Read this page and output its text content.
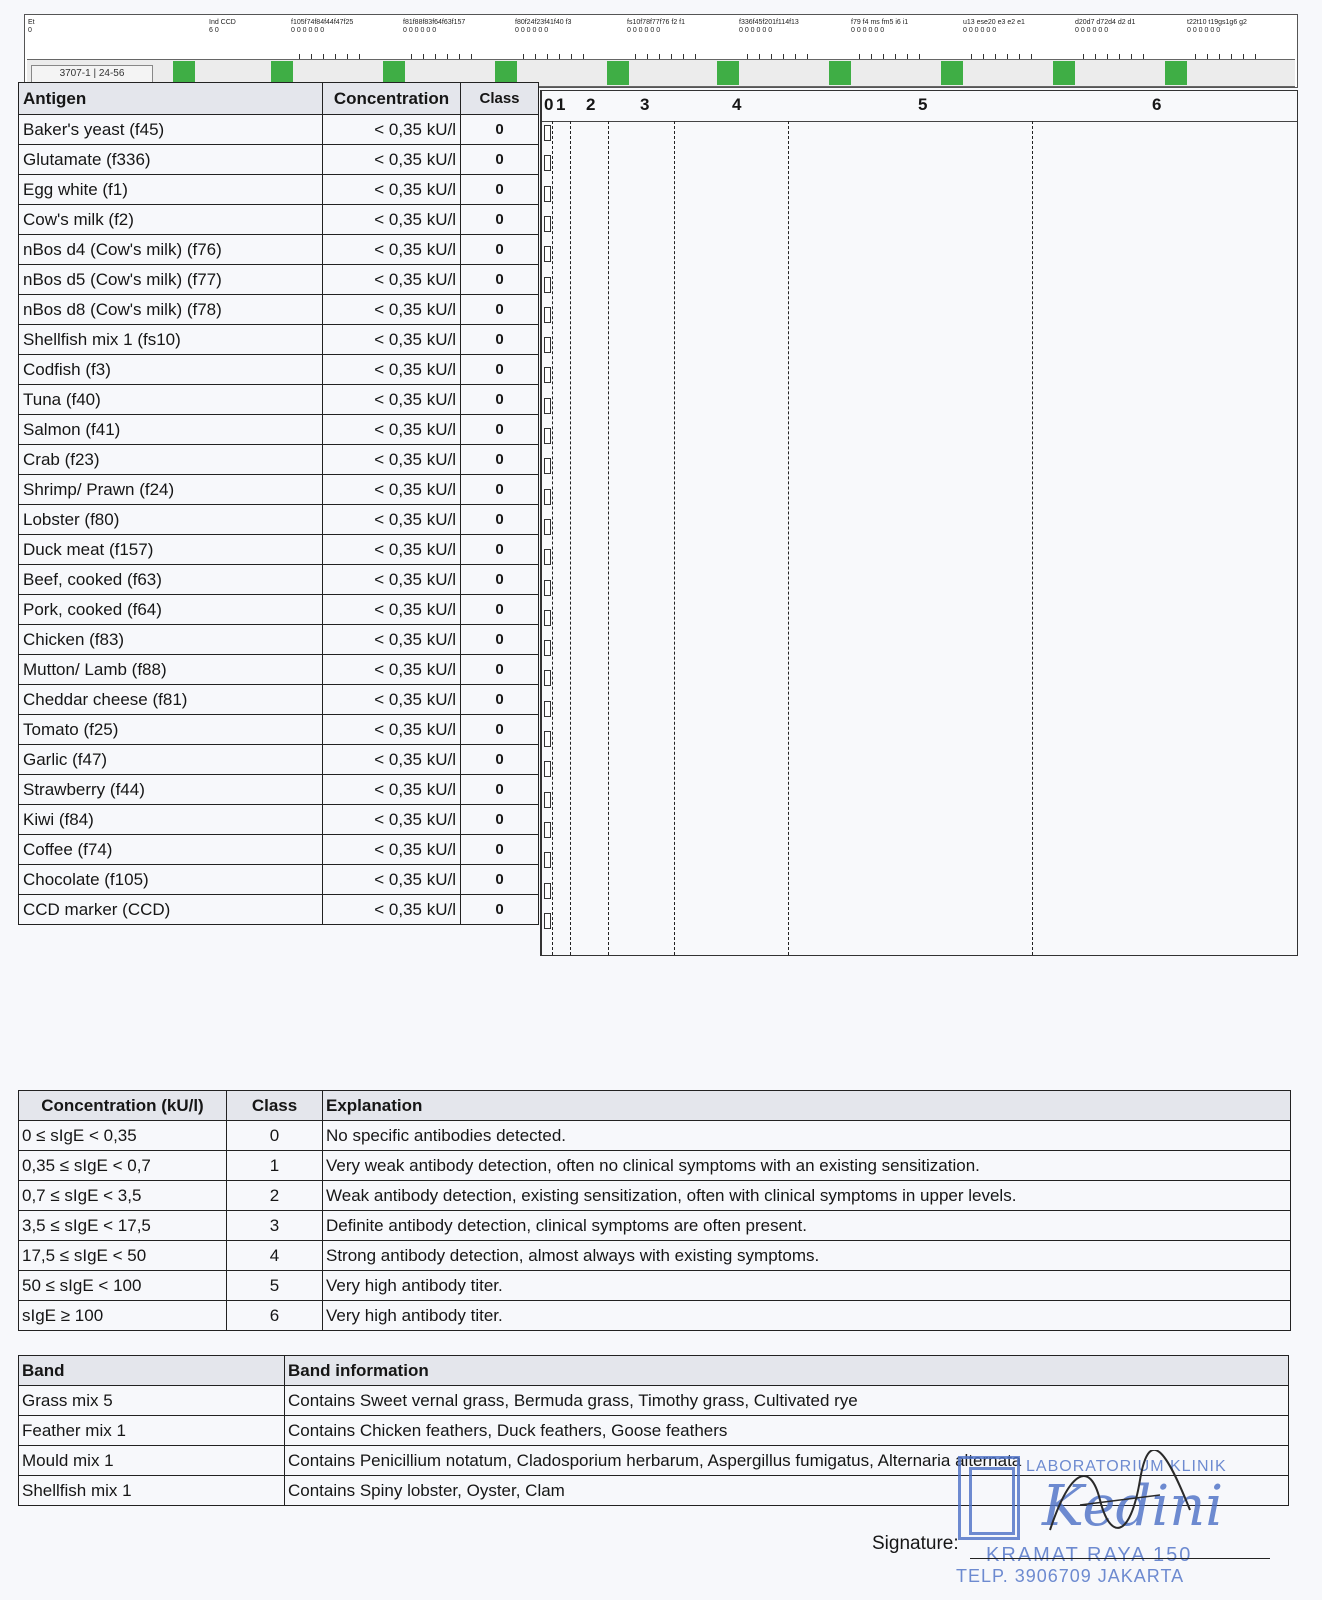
Et
0
Ind CCD
6 0
f105f74f84f44f47f25
0 0 0 0 0 0
f81f88f83f64f63f157
0 0 0 0 0 0
f80f24f23f41f40 f3
0 0 0 0 0 0
fs10f78f77f76 f2 f1
0 0 0 0 0 0
f336f45f201f114f13
0 0 0 0 0 0
f79 f4 ms fm5 i6 i1
0 0 0 0 0 0
u13 ese20 e3 e2 e1
0 0 0 0 0 0
d20d7 d72d4 d2 d1
0 0 0 0 0 0
t22t10 t19gs1g6 g2
0 0 0 0 0 0
3707-1 | 24-56
Antigen	Concentration	Class
Baker's yeast (f45)	< 0,35 kU/l	0
Glutamate (f336)	< 0,35 kU/l	0
Egg white (f1)	< 0,35 kU/l	0
Cow's milk (f2)	< 0,35 kU/l	0
nBos d4 (Cow's milk) (f76)	< 0,35 kU/l	0
nBos d5 (Cow's milk) (f77)	< 0,35 kU/l	0
nBos d8 (Cow's milk) (f78)	< 0,35 kU/l	0
Shellfish mix 1 (fs10)	< 0,35 kU/l	0
Codfish (f3)	< 0,35 kU/l	0
Tuna (f40)	< 0,35 kU/l	0
Salmon (f41)	< 0,35 kU/l	0
Crab (f23)	< 0,35 kU/l	0
Shrimp/ Prawn (f24)	< 0,35 kU/l	0
Lobster (f80)	< 0,35 kU/l	0
Duck meat (f157)	< 0,35 kU/l	0
Beef, cooked (f63)	< 0,35 kU/l	0
Pork, cooked (f64)	< 0,35 kU/l	0
Chicken (f83)	< 0,35 kU/l	0
Mutton/ Lamb (f88)	< 0,35 kU/l	0
Cheddar cheese (f81)	< 0,35 kU/l	0
Tomato (f25)	< 0,35 kU/l	0
Garlic (f47)	< 0,35 kU/l	0
Strawberry (f44)	< 0,35 kU/l	0
Kiwi (f84)	< 0,35 kU/l	0
Coffee (f74)	< 0,35 kU/l	0
Chocolate (f105)	< 0,35 kU/l	0
CCD marker (CCD)	< 0,35 kU/l	0
0 1 2	3	4	5	6
Concentration (kU/l)	Class	Explanation
0 ≤ sIgE < 0,35	0	No specific antibodies detected.
0,35 ≤ sIgE < 0,7	1	Very weak antibody detection, often no clinical symptoms with an existing sensitization.
0,7 ≤ sIgE < 3,5	2	Weak antibody detection, existing sensitization, often with clinical symptoms in upper levels.
3,5 ≤ sIgE < 17,5	3	Definite antibody detection, clinical symptoms are often present.
17,5 ≤ sIgE < 50	4	Strong antibody detection, almost always with existing symptoms.
50 ≤ sIgE < 100	5	Very high antibody titer.
sIgE ≥ 100	6	Very high antibody titer.
Band	Band information
Grass mix 5	Contains Sweet vernal grass, Bermuda grass, Timothy grass, Cultivated rye
Feather mix 1	Contains Chicken feathers, Duck feathers, Goose feathers
Mould mix 1	Contains Penicillium notatum, Cladosporium herbarum, Aspergillus fumigatus, Alternaria alternata
Shellfish mix 1	Contains Spiny lobster, Oyster, Clam
LABORATORIUM KLINIK
Kedini
KRAMAT RAYA 150
TELP. 3906709 JAKARTA
Signature:
